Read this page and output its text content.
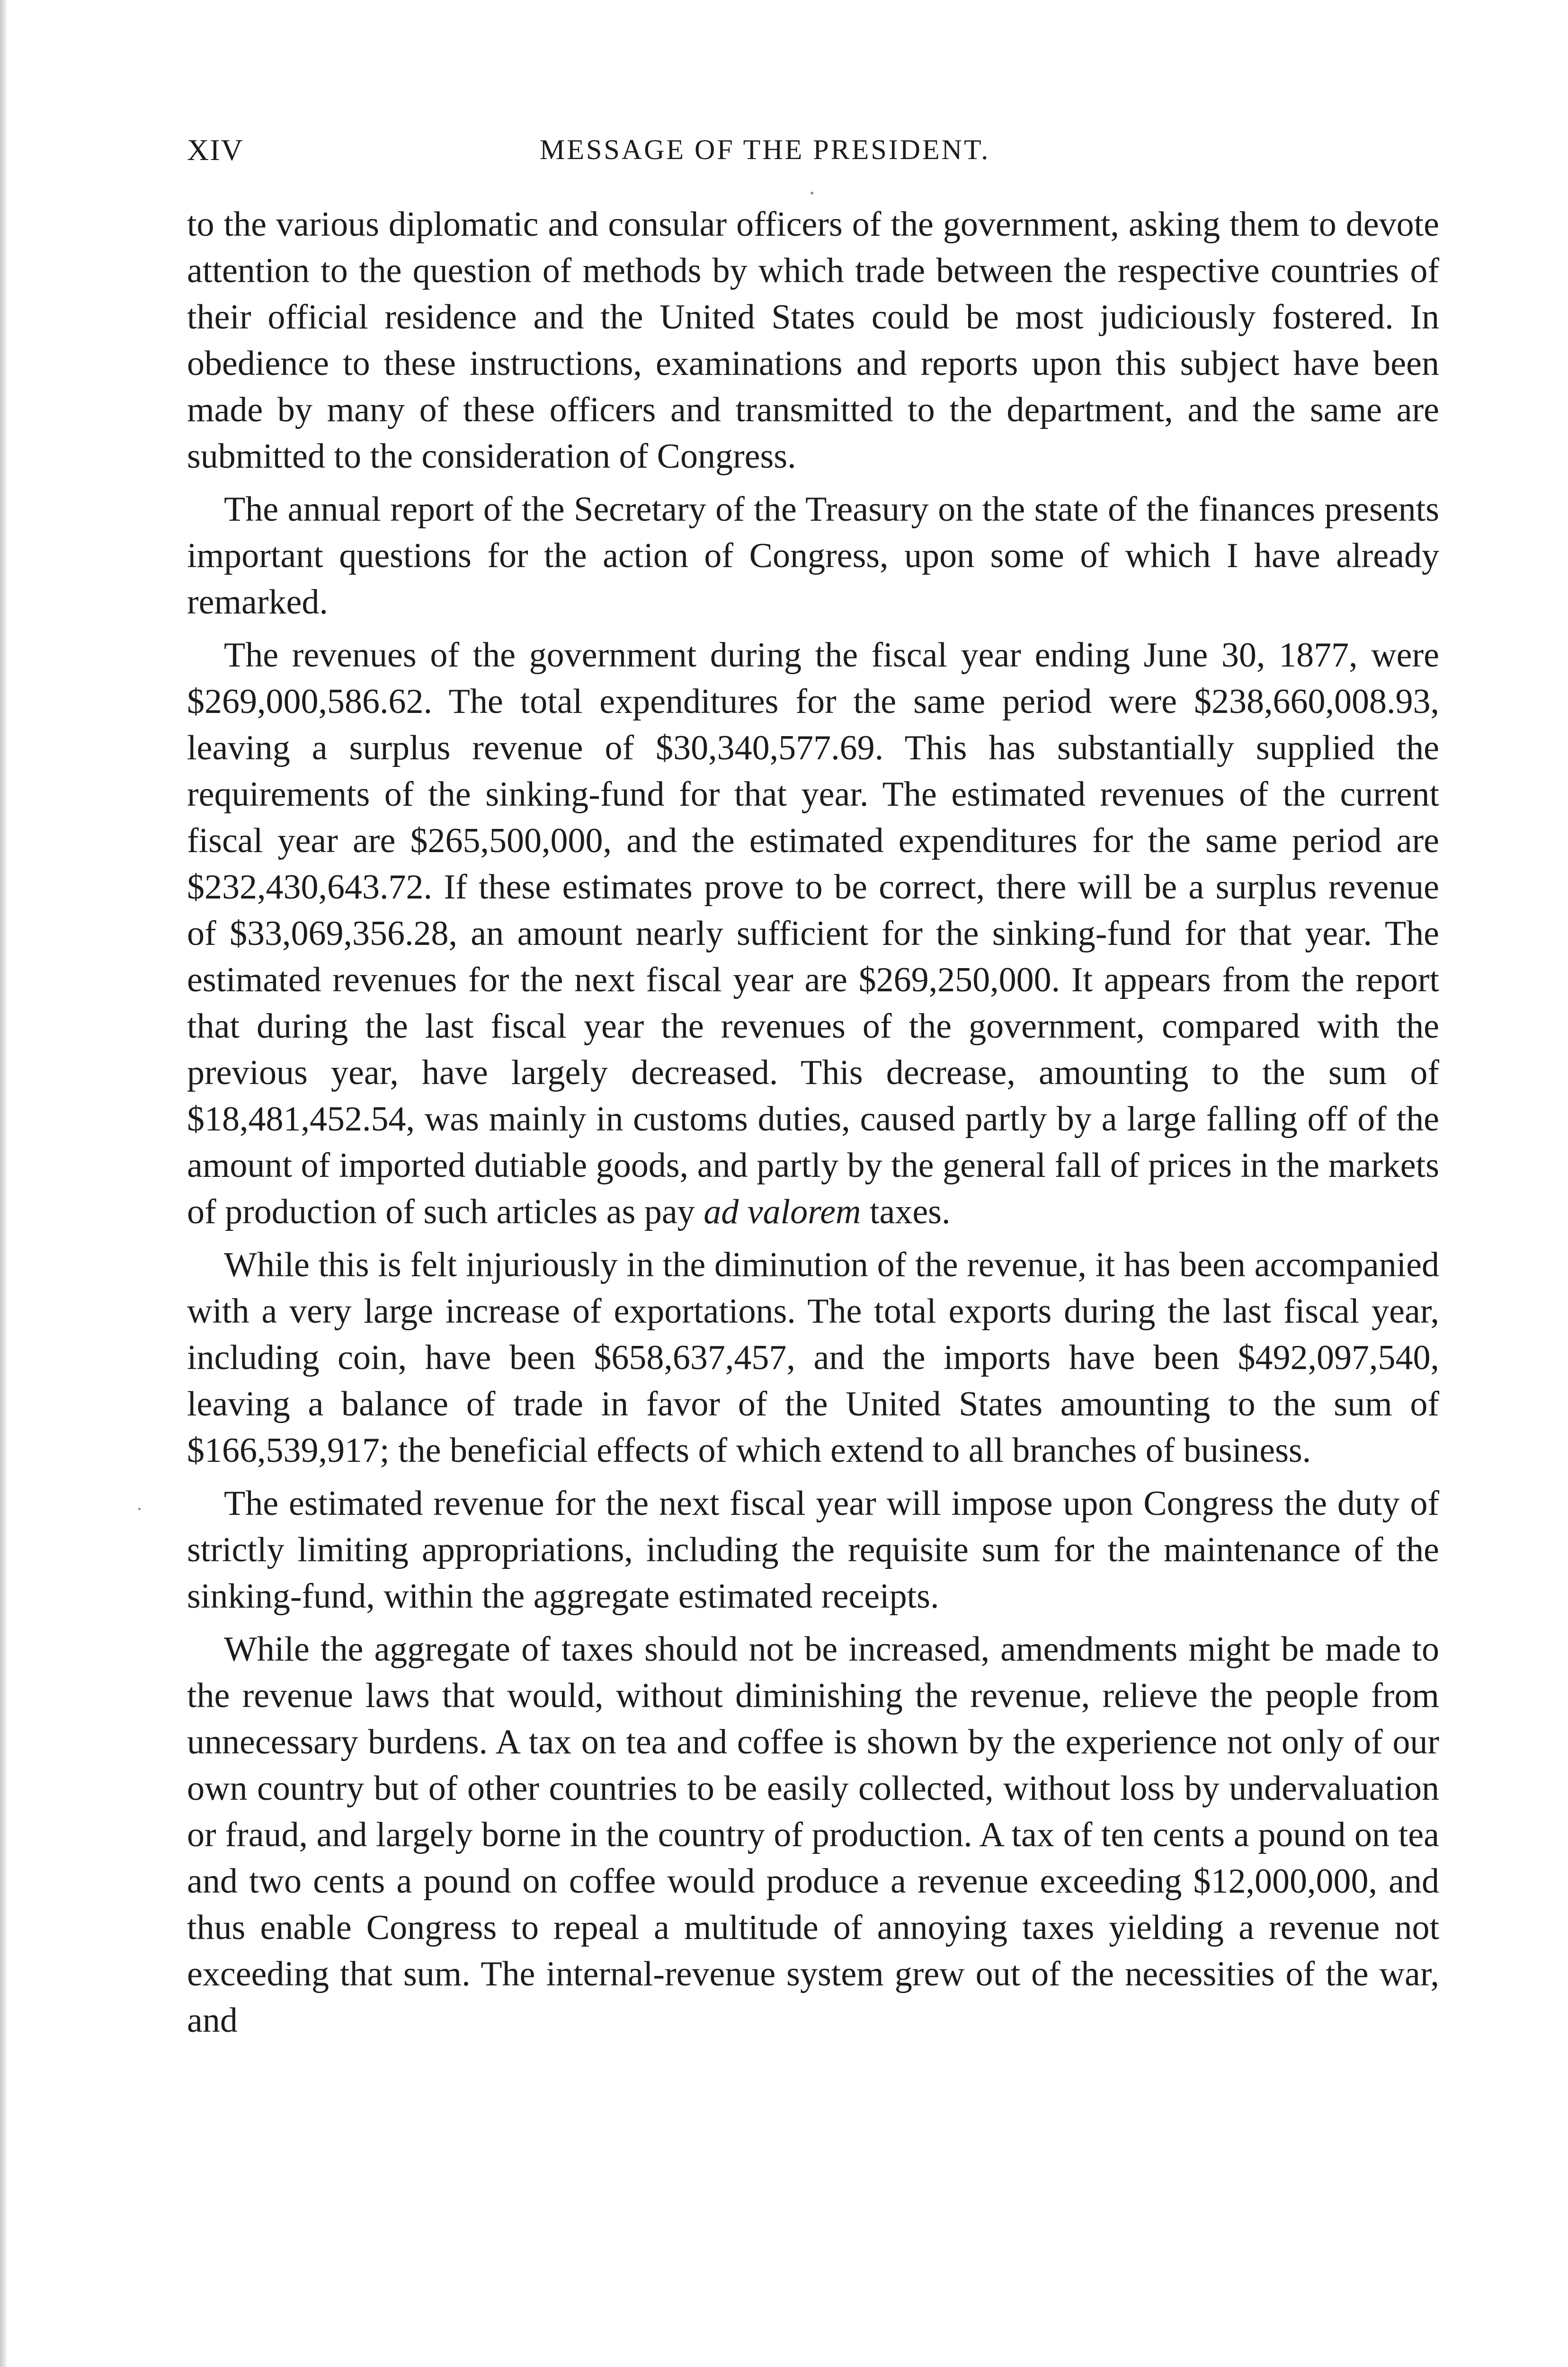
XIV	MESSAGE OF THE PRESIDENT.

to the various diplomatic and consular officers of the government, asking them to devote attention to the question of methods by which trade between the respective countries of their official residence and the United States could be most judiciously fostered. In obedience to these instructions, examinations and reports upon this subject have been made by many of these officers and transmitted to the department, and the same are submitted to the consideration of Congress.

The annual report of the Secretary of the Treasury on the state of the finances presents important questions for the action of Congress, upon some of which I have already remarked.

The revenues of the government during the fiscal year ending June 30, 1877, were $269,000,586.62. The total expenditures for the same period were $238,660,008.93, leaving a surplus revenue of $30,340,577.69. This has substantially supplied the requirements of the sinking-fund for that year. The estimated revenues of the current fiscal year are $265,500,000, and the estimated expenditures for the same period are $232,430,643.72. If these estimates prove to be correct, there will be a surplus revenue of $33,069,356.28, an amount nearly sufficient for the sinking-fund for that year. The estimated revenues for the next fiscal year are $269,250,000. It appears from the report that during the last fiscal year the revenues of the government, compared with the previous year, have largely decreased. This decrease, amounting to the sum of $18,481,452.54, was mainly in customs duties, caused partly by a large falling off of the amount of imported dutiable goods, and partly by the general fall of prices in the markets of production of such articles as pay ad valorem taxes.

While this is felt injuriously in the diminution of the revenue, it has been accompanied with a very large increase of exportations. The total exports during the last fiscal year, including coin, have been $658,637,457, and the imports have been $492,097,540, leaving a balance of trade in favor of the United States amounting to the sum of $166,539,917; the beneficial effects of which extend to all branches of business.

The estimated revenue for the next fiscal year will impose upon Congress the duty of strictly limiting appropriations, including the requisite sum for the maintenance of the sinking-fund, within the aggregate estimated receipts.

While the aggregate of taxes should not be increased, amendments might be made to the revenue laws that would, without diminishing the revenue, relieve the people from unnecessary burdens. A tax on tea and coffee is shown by the experience not only of our own country but of other countries to be easily collected, without loss by undervaluation or fraud, and largely borne in the country of production. A tax of ten cents a pound on tea and two cents a pound on coffee would produce a revenue exceeding $12,000,000, and thus enable Congress to repeal a multitude of annoying taxes yielding a revenue not exceeding that sum. The internal-revenue system grew out of the necessities of the war, and
